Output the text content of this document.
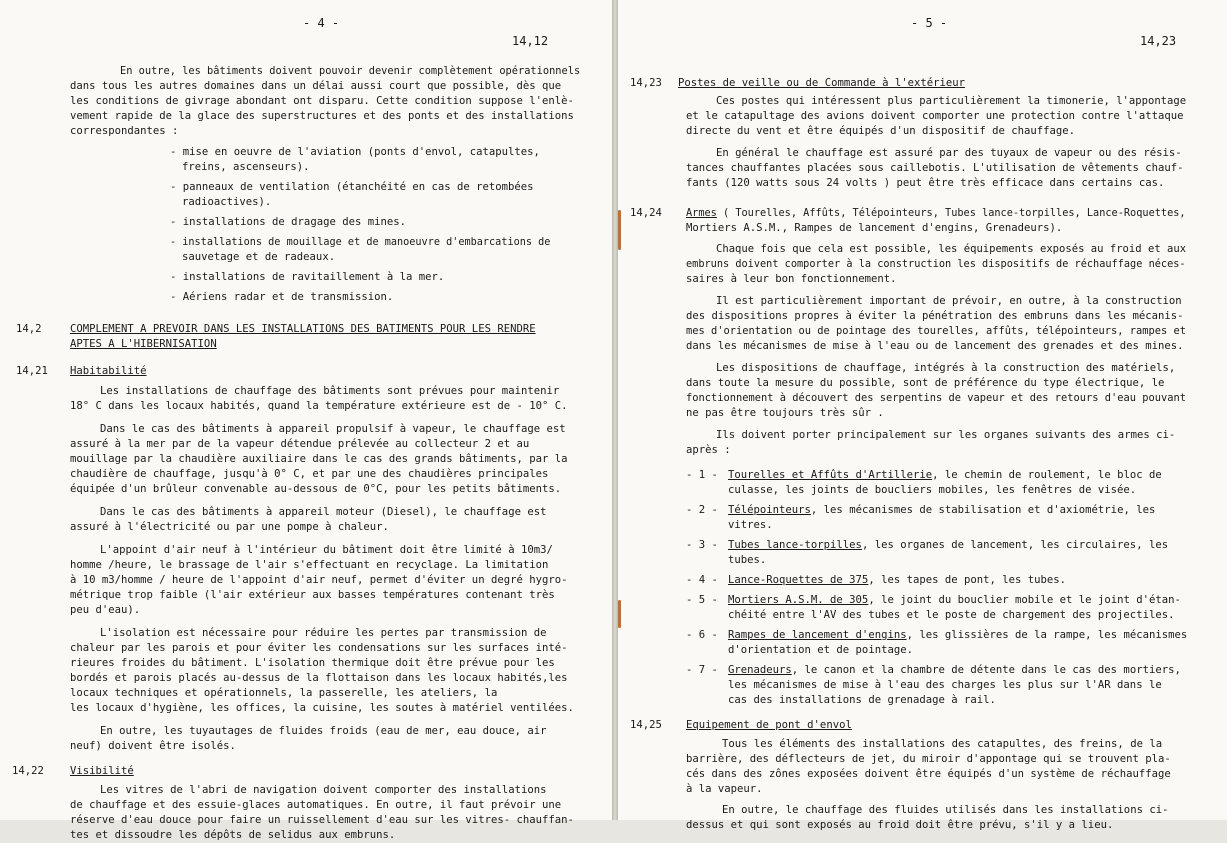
- 4 -
14,12
En outre, les bâtiments doivent pouvoir devenir complètement opérationnels
dans tous les autres domaines dans un délai aussi court que possible, dès que
les conditions de givrage abondant ont disparu. Cette condition suppose l'enlè-
vement rapide de la glace des superstructures et des ponts et des installations
correspondantes :
- mise en oeuvre de l'aviation (ponts d'envol, catapultes,
freins, ascenseurs).
- panneaux de ventilation (étanchéité en cas de retombées
radioactives).
- installations de dragage des mines.
- installations de mouillage et de manoeuvre d'embarcations de
sauvetage et de radeaux.
- installations de ravitaillement à la mer.
- Aériens radar et de transmission.
14,2	COMPLEMENT A PREVOIR DANS LES INSTALLATIONS DES BATIMENTS POUR LES RENDRE
APTES A L'HIBERNISATION
14,21 Habitabilité
Les installations de chauffage des bâtiments sont prévues pour maintenir
18° C dans les locaux habités, quand la température extérieure est de - 10° C.
Dans le cas des bâtiments à appareil propulsif à vapeur, le chauffage est
assuré à la mer par de la vapeur détendue prélevée au collecteur 2 et au
mouillage par la chaudière auxiliaire dans le cas des grands bâtiments, par la
chaudière de chauffage, jusqu'à 0° C, et par une des chaudières principales
équipée d'un brûleur convenable au-dessous de 0°C, pour les petits bâtiments.
Dans le cas des bâtiments à appareil moteur (Diesel), le chauffage est
assuré à l'électricité ou par une pompe à chaleur.
L'appoint d'air neuf à l'intérieur du bâtiment doit être limité à 10m3/
homme /heure, le brassage de l'air s'effectuant en recyclage. La limitation
à 10 m3/homme / heure de l'appoint d'air neuf, permet d'éviter un degré hygro-
métrique trop faible (l'air extérieur aux basses températures contenant très
peu d'eau).
L'isolation est nécessaire pour réduire les pertes par transmission de
chaleur par les parois et pour éviter les condensations sur les surfaces inté-
rieures froides du bâtiment. L'isolation thermique doit être prévue pour les
bordés et parois placés au-dessus de la flottaison dans les locaux habités,les
locaux techniques et opérationnels, la passerelle, les ateliers, la
les locaux d'hygiène, les offices, la cuisine, les soutes à matériel ventilées.
En outre, les tuyautages de fluides froids (eau de mer, eau douce, air
neuf) doivent être isolés.
14,22 Visibilité
Les vitres de l'abri de navigation doivent comporter des installations
de chauffage et des essuie-glaces automatiques. En outre, il faut prévoir une
réserve d'eau douce pour faire un ruissellement d'eau sur les vitres- chauffan-
tes et dissoudre les dépôts de selidus aux embruns.
- 5 -
14,23
14,23 Postes de veille ou de Commande à l'extérieur
Ces postes qui intéressent plus particulièrement la timonerie, l'appontage
et le catapultage des avions doivent comporter une protection contre l'attaque
directe du vent et être équipés d'un dispositif de chauffage.
En général le chauffage est assuré par des tuyaux de vapeur ou des résis-
tances chauffantes placées sous caillebotis. L'utilisation de vêtements chauf-
fants (120 watts sous 24 volts ) peut être très efficace dans certains cas.
14,24 Armes ( Tourelles, Affûts, Télépointeurs, Tubes lance-torpilles, Lance-Roquettes,
Mortiers A.S.M., Rampes de lancement d'engins, Grenadeurs).
Chaque fois que cela est possible, les équipements exposés au froid et aux
embruns doivent comporter à la construction les dispositifs de réchauffage néces-
saires à leur bon fonctionnement.
Il est particulièrement important de prévoir, en outre, à la construction
des dispositions propres à éviter la pénétration des embruns dans les mécanis-
mes d'orientation ou de pointage des tourelles, affûts, télépointeurs, rampes et
dans les mécanismes de mise à l'eau ou de lancement des grenades et des mines.
Les dispositions de chauffage, intégrés à la construction des matériels,
dans toute la mesure du possible, sont de préférence du type électrique, le
fonctionnement à découvert des serpentins de vapeur et des retours d'eau pouvant
ne pas être toujours très sûr .
Ils doivent porter principalement sur les organes suivants des armes ci-
après :
- 1 - Tourelles et Affûts d'Artillerie, le chemin de roulement, le bloc de
culasse, les joints de boucliers mobiles, les fenêtres de visée.
- 2 - Télépointeurs, les mécanismes de stabilisation et d'axiométrie, les
vitres.
- 3 - Tubes lance-torpilles, les organes de lancement, les circulaires, les
tubes.
- 4 - Lance-Roquettes de 375, les tapes de pont, les tubes.
- 5 - Mortiers A.S.M. de 305, le joint du bouclier mobile et le joint d'étan-
chéité entre l'AV des tubes et le poste de chargement des projectiles.
- 6 - Rampes de lancement d'engins, les glissières de la rampe, les mécanismes
d'orientation et de pointage.
- 7 - Grenadeurs, le canon et la chambre de détente dans le cas des mortiers,
les mécanismes de mise à l'eau des charges les plus sur l'AR dans le
cas des installations de grenadage à rail.
14,25 Equipement de pont d'envol
Tous les éléments des installations des catapultes, des freins, de la
barrière, des déflecteurs de jet, du miroir d'appontage qui se trouvent pla-
cés dans des zônes exposées doivent être équipés d'un système de réchauffage
à la vapeur.
En outre, le chauffage des fluides utilisés dans les installations ci-
dessus et qui sont exposés au froid doit être prévu, s'il y a lieu.
